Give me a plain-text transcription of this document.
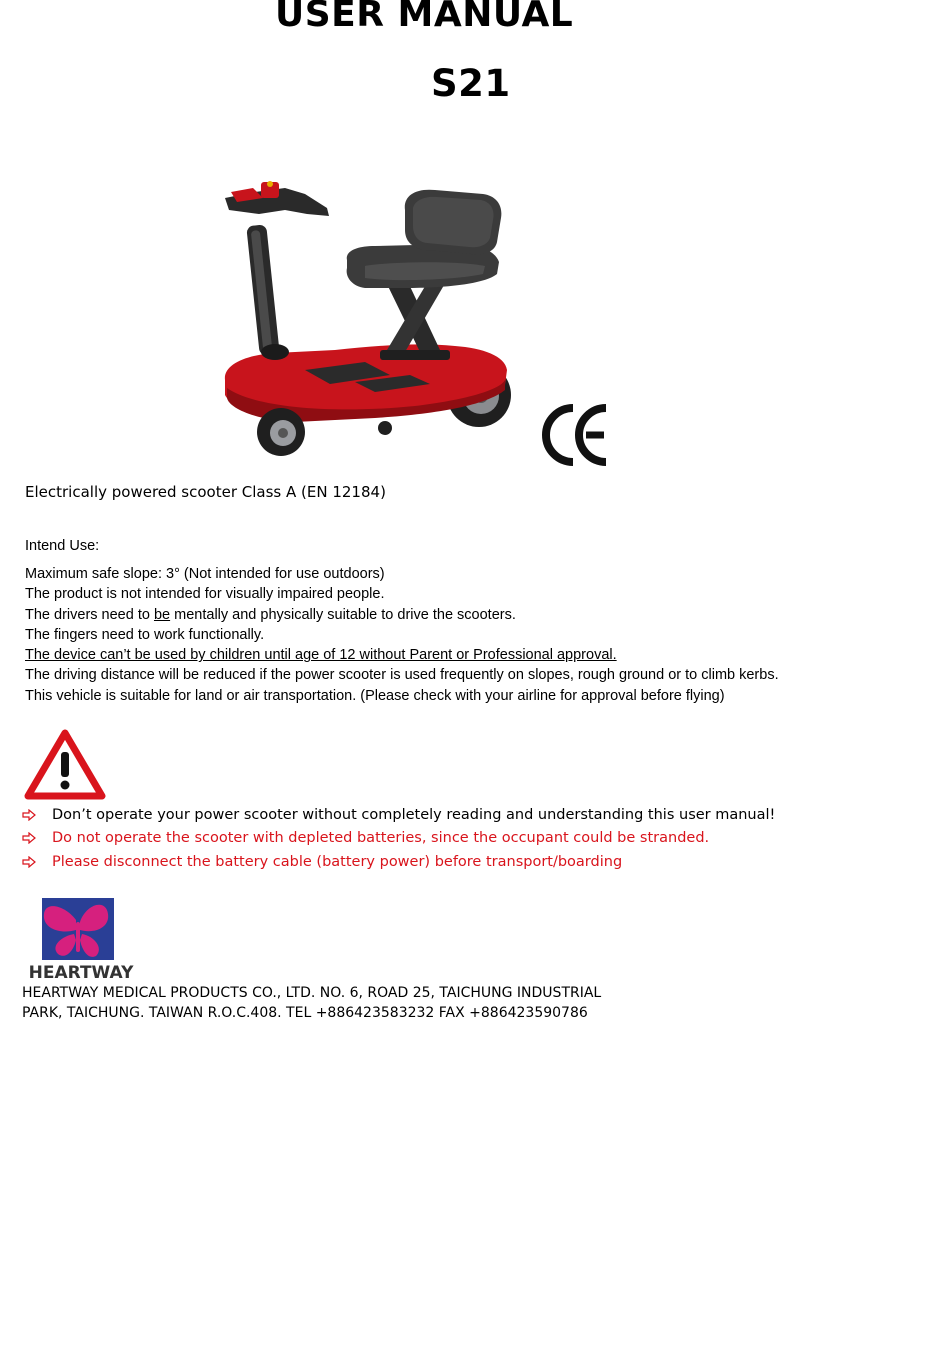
USER MANUAL
S21
Electrically powered scooter Class A (EN 12184)
Intend Use:
Maximum safe slope: 3° (Not intended for use outdoors)
The product is not intended for visually impaired people.
The drivers need to be mentally and physically suitable to drive the scooters.
The fingers need to work functionally.
The device can’t be used by children until age of 12 without Parent or Professional approval.
The driving distance will be reduced if the power scooter is used frequently on slopes, rough ground or to climb kerbs.
This vehicle is suitable for land or air transportation. (Please check with your airline for approval before flying)
Don’t operate your power scooter without completely reading and understanding this user manual!
Do not operate the scooter with depleted batteries, since the occupant could be stranded.
Please disconnect the battery cable (battery power) before transport/boarding
HEARTWAY

HEARTWAY MEDICAL PRODUCTS CO., LTD. NO. 6, ROAD 25, TAICHUNG INDUSTRIAL
PARK, TAICHUNG. TAIWAN R.O.C.408. TEL +886423583232 FAX +886423590786
